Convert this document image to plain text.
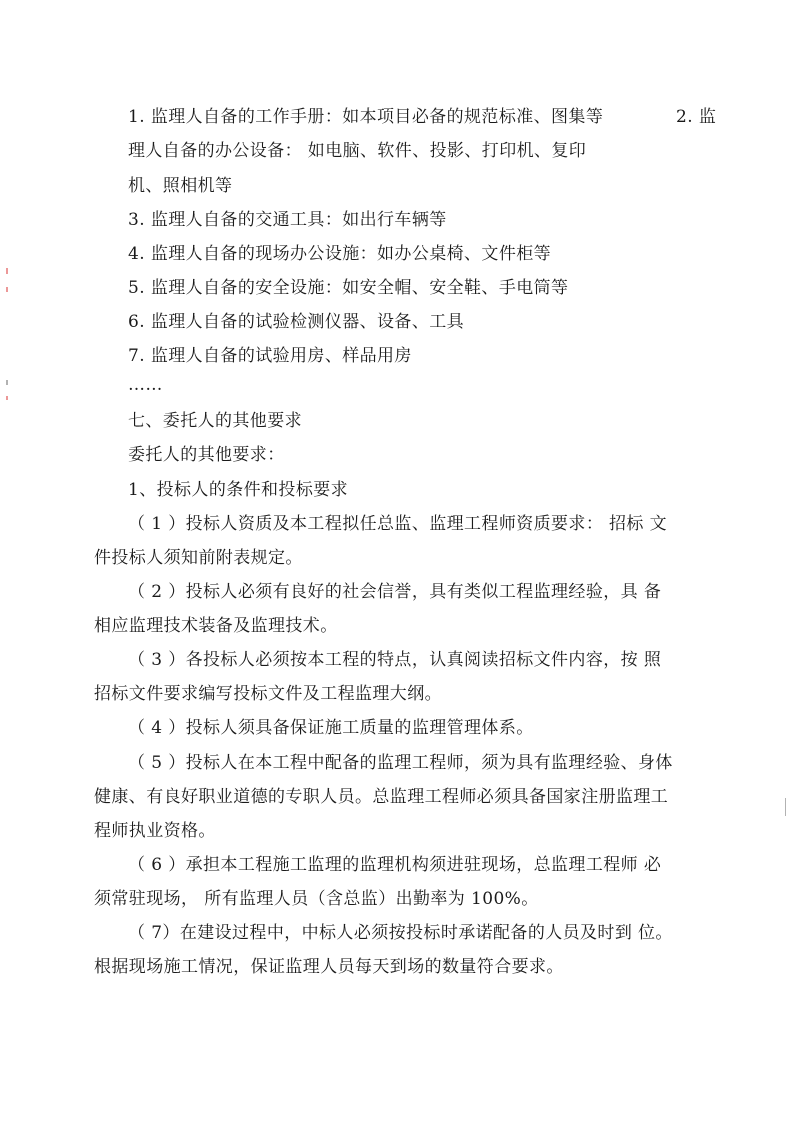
1. 监理人自备的工作手册：如本项目必备的规范标准、图集等	2. 监
理人自备的办公设备： 如电脑、软件、投影、打印机、复印
机、照相机等
3. 监理人自备的交通工具：如出行车辆等
4. 监理人自备的现场办公设施：如办公桌椅、文件柜等
5. 监理人自备的安全设施：如安全帽、安全鞋、手电筒等
6. 监理人自备的试验检测仪器、设备、工具
7. 监理人自备的试验用房、样品用房
……
七、委托人的其他要求
委托人的其他要求：
1、投标人的条件和投标要求
（ 1 ）投标人资质及本工程拟任总监、监理工程师资质要求： 招标 文
件投标人须知前附表规定。
（ 2 ）投标人必须有良好的社会信誉，具有类似工程监理经验，具 备
相应监理技术装备及监理技术。
（ 3 ）各投标人必须按本工程的特点，认真阅读招标文件内容，按 照
招标文件要求编写投标文件及工程监理大纲。
（ 4 ）投标人须具备保证施工质量的监理管理体系。
（ 5 ）投标人在本工程中配备的监理工程师，须为具有监理经验、身体
健康、有良好职业道德的专职人员。总监理工程师必须具备国家注册监理工
程师执业资格。
（ 6 ）承担本工程施工监理的监理机构须进驻现场，总监理工程师 必
须常驻现场， 所有监理人员（含总监）出勤率为 100%。
（ 7）在建设过程中，中标人必须按投标时承诺配备的人员及时到 位。
根据现场施工情况，保证监理人员每天到场的数量符合要求。
